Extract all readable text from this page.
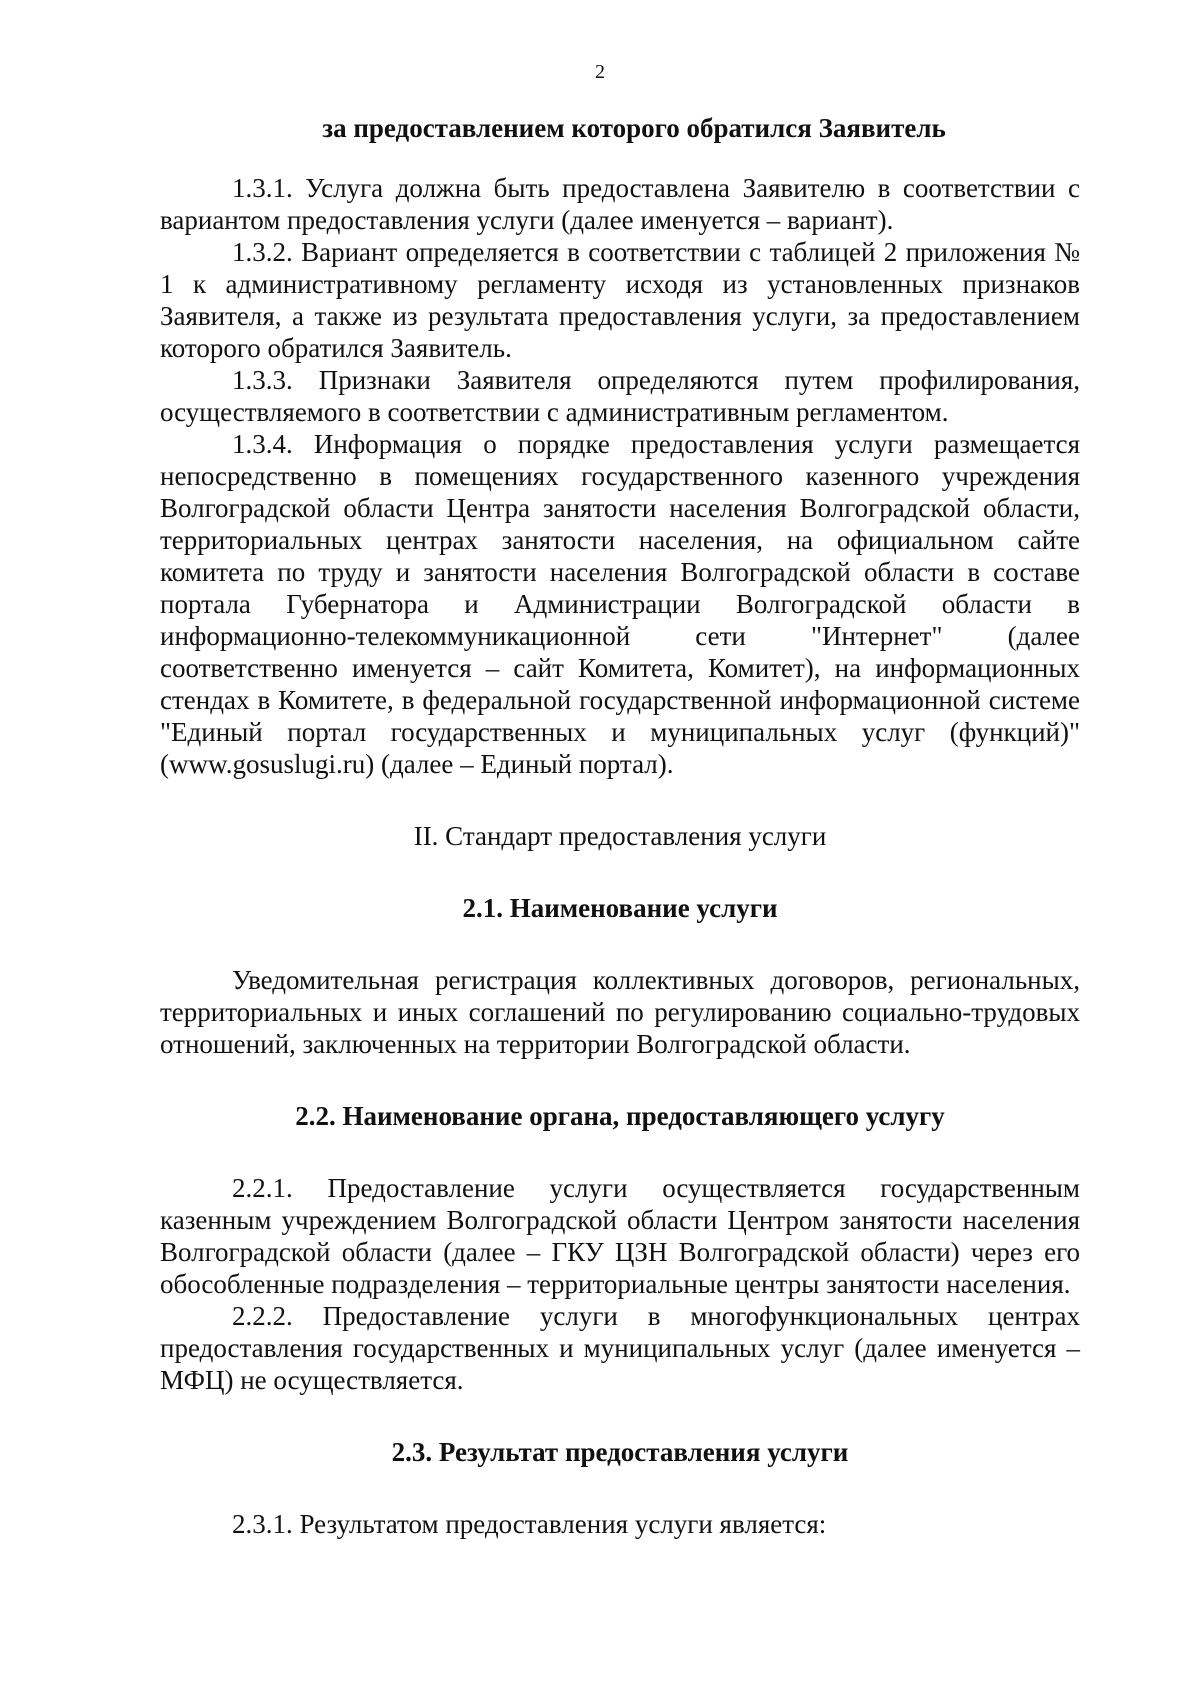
2

за предоставлением которого обратился Заявитель

1.3.1. Услуга должна быть предоставлена Заявителю в соответствии с вариантом предоставления услуги (далее именуется – вариант).

1.3.2. Вариант определяется в соответствии с таблицей 2 приложения № 1 к административному регламенту исходя из установленных признаков Заявителя, а также из результата предоставления услуги, за предоставлением которого обратился Заявитель.

1.3.3. Признаки Заявителя определяются путем профилирования, осуществляемого в соответствии с административным регламентом.

1.3.4. Информация о порядке предоставления услуги размещается непосредственно в помещениях государственного казенного учреждения Волгоградской области Центра занятости населения Волгоградской области, территориальных центрах занятости населения, на официальном сайте комитета по труду и занятости населения Волгоградской области в составе портала Губернатора и Администрации Волгоградской области в информационно-телекоммуникационной сети "Интернет" (далее соответственно именуется – сайт Комитета, Комитет), на информационных стендах в Комитете, в федеральной государственной информационной системе "Единый портал государственных и муниципальных услуг (функций)" (www.gosuslugi.ru) (далее – Единый портал).

II. Стандарт предоставления услуги

2.1. Наименование услуги

Уведомительная регистрация коллективных договоров, региональных, территориальных и иных соглашений по регулированию социально-трудовых отношений, заключенных на территории Волгоградской области.

2.2. Наименование органа, предоставляющего услугу

2.2.1. Предоставление услуги осуществляется государственным казенным учреждением Волгоградской области Центром занятости населения Волгоградской области (далее – ГКУ ЦЗН Волгоградской области) через его обособленные подразделения – территориальные центры занятости населения.

2.2.2. Предоставление услуги в многофункциональных центрах предоставления государственных и муниципальных услуг (далее именуется – МФЦ) не осуществляется.

2.3. Результат предоставления услуги

2.3.1. Результатом предоставления услуги является:
